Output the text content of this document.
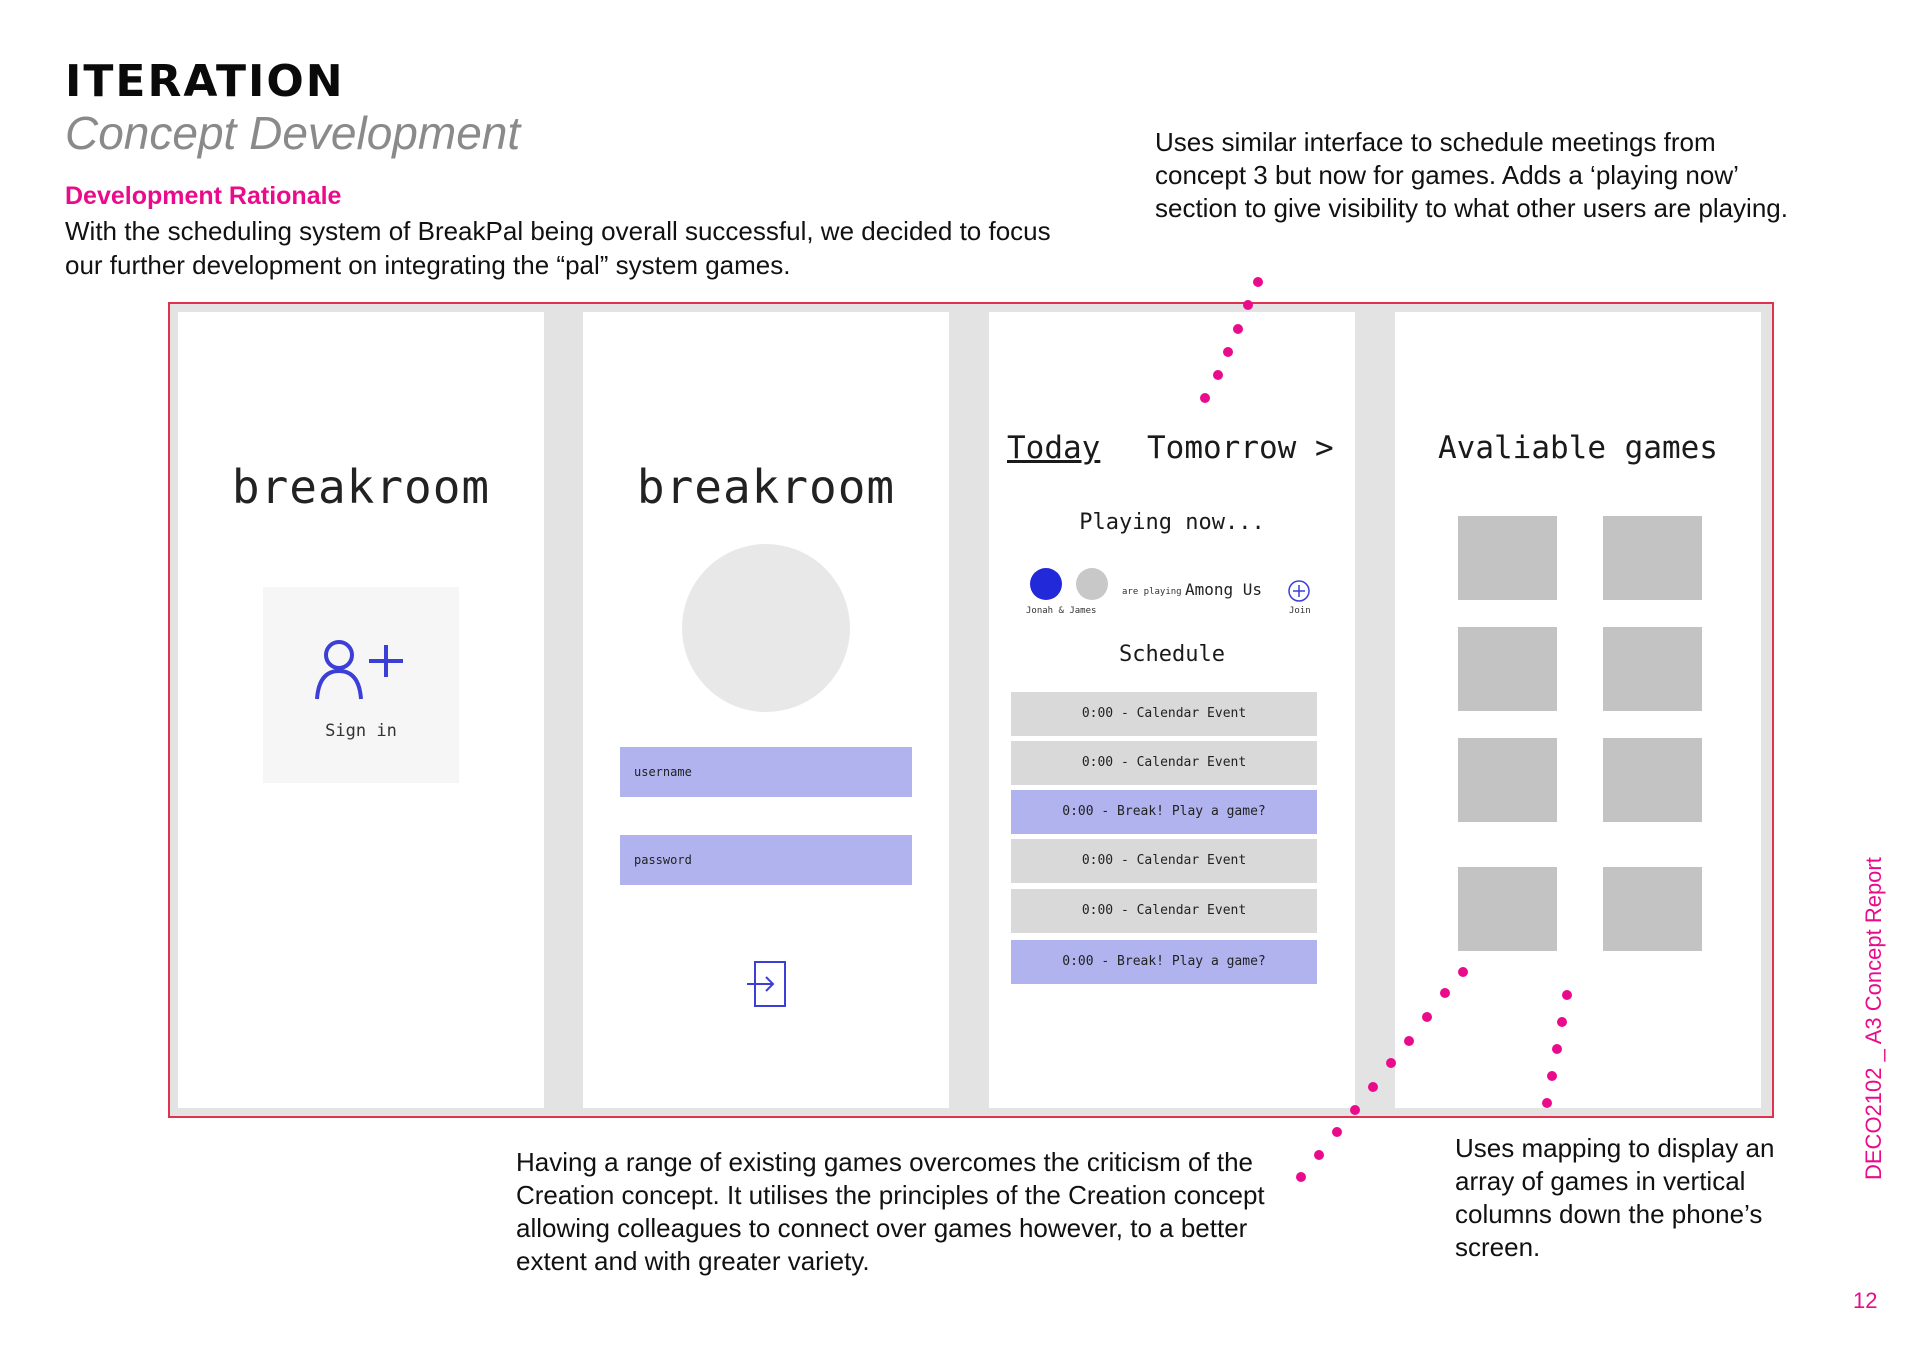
ITERATION
Concept Development
Development Rationale
With the scheduling system of BreakPal being overall successful, we decided to focus our further development on integrating the “pal” system games.
Uses similar interface to schedule meetings from concept 3 but now for games. Adds a ‘playing now’ section to give visibility to what other users are playing.
breakroom
Sign in
breakroom
username
password
Today Tomorrow >
Playing now...
Jonah & James
are playing Among Us
Join
Schedule
0:00 - Calendar Event
0:00 - Calendar Event
0:00 - Break! Play a game?
0:00 - Calendar Event
0:00 - Calendar Event
0:00 - Break! Play a game?
Avaliable games
Having a range of existing games overcomes the criticism of the Creation concept. It utilises the principles of the Creation concept allowing colleagues to connect over games however, to a better extent and with greater variety.
Uses mapping to display an array of games in vertical columns down the phone’s screen.
DECO2102 _ A3 Concept Report
12
